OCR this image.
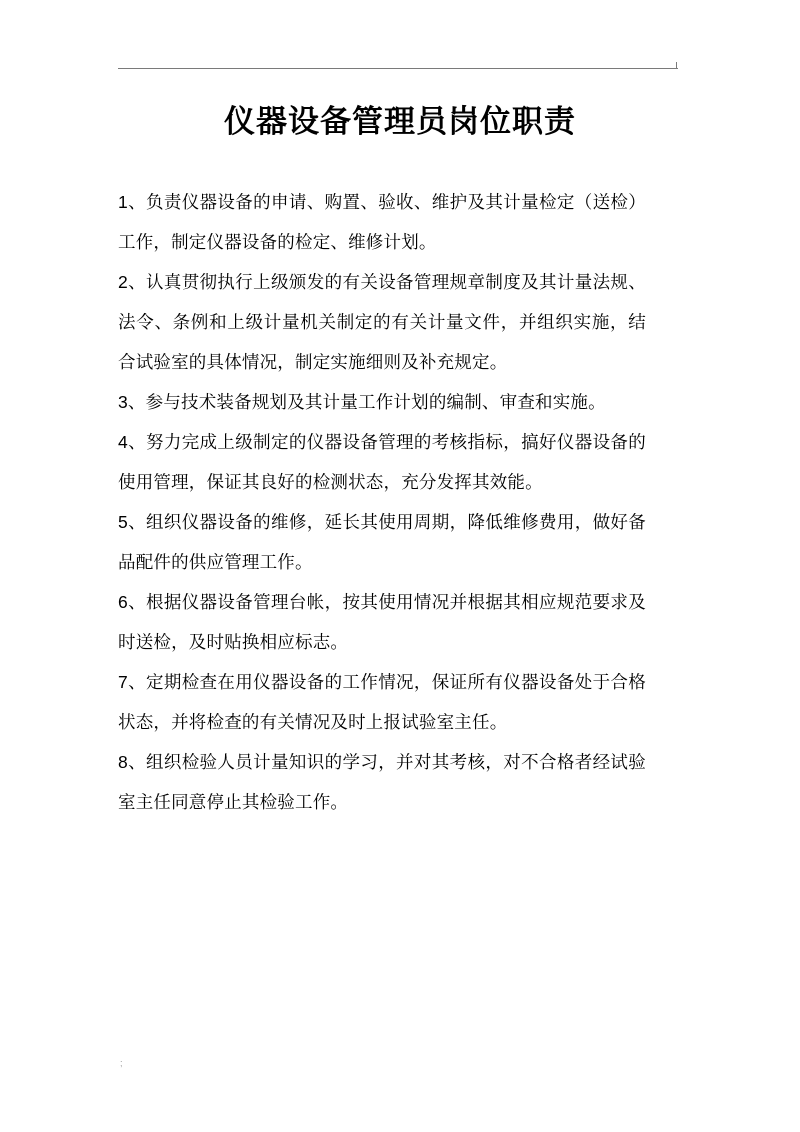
仪器设备管理员岗位职责

1、负责仪器设备的申请、购置、验收、维护及其计量检定（送检）工作，制定仪器设备的检定、维修计划。

2、认真贯彻执行上级颁发的有关设备管理规章制度及其计量法规、法令、条例和上级计量机关制定的有关计量文件，并组织实施，结合试验室的具体情况，制定实施细则及补充规定。

3、参与技术装备规划及其计量工作计划的编制、审查和实施。

4、努力完成上级制定的仪器设备管理的考核指标，搞好仪器设备的使用管理，保证其良好的检测状态，充分发挥其效能。

5、组织仪器设备的维修，延长其使用周期，降低维修费用，做好备品配件的供应管理工作。

6、根据仪器设备管理台帐，按其使用情况并根据其相应规范要求及时送检，及时贴换相应标志。

7、定期检查在用仪器设备的工作情况，保证所有仪器设备处于合格状态，并将检查的有关情况及时上报试验室主任。

8、组织检验人员计量知识的学习，并对其考核，对不合格者经试验室主任同意停止其检验工作。

;
